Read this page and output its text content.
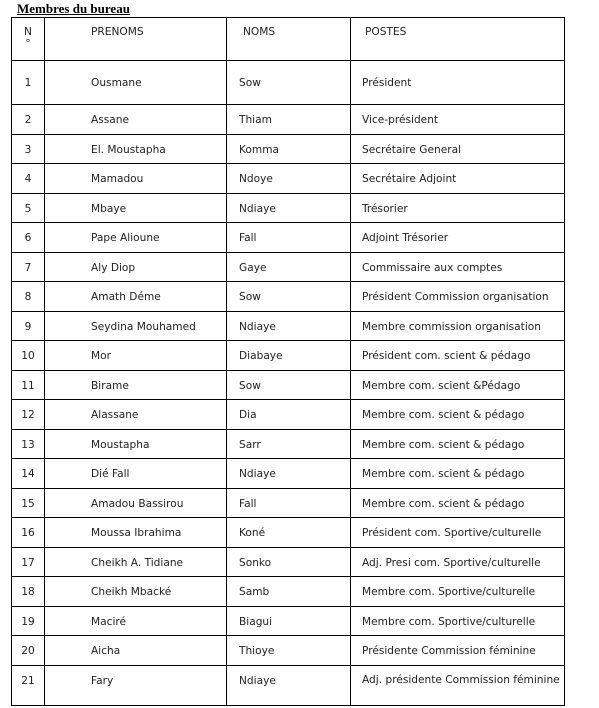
Membres du bureau
N
°	PRENOMS	NOMS	POSTES
1	Ousmane	Sow	Président
2	Assane	Thiam	Vice-président
3	El. Moustapha	Komma	Secrétaire General
4	Mamadou	Ndoye	Secrétaire Adjoint
5	Mbaye	Ndiaye	Trésorier
6	Pape Alioune	Fall	Adjoint Trésorier
7	Aly Diop	Gaye	Commissaire aux comptes
8	Amath Déme	Sow	Président Commission organisation
9	Seydina Mouhamed	Ndiaye	Membre commission organisation
10	Mor	Diabaye	Président com. scient & pédago
11	Birame	Sow	Membre com. scient &Pédago
12	Alassane	Dia	Membre com. scient & pédago
13	Moustapha	Sarr	Membre com. scient & pédago
14	Dié Fall	Ndiaye	Membre com. scient & pédago
15	Amadou Bassirou	Fall	Membre com. scient & pédago
16	Moussa Ibrahima	Koné	Président com. Sportive/culturelle
17	Cheikh A. Tidiane	Sonko	Adj. Presi com. Sportive/culturelle
18	Cheikh Mbacké	Samb	Membre com. Sportive/culturelle
19	Maciré	Biagui	Membre com. Sportive/culturelle
20	Aicha	Thioye	Présidente Commission féminine
21	Fary	Ndiaye	Adj. présidente Commission féminine
